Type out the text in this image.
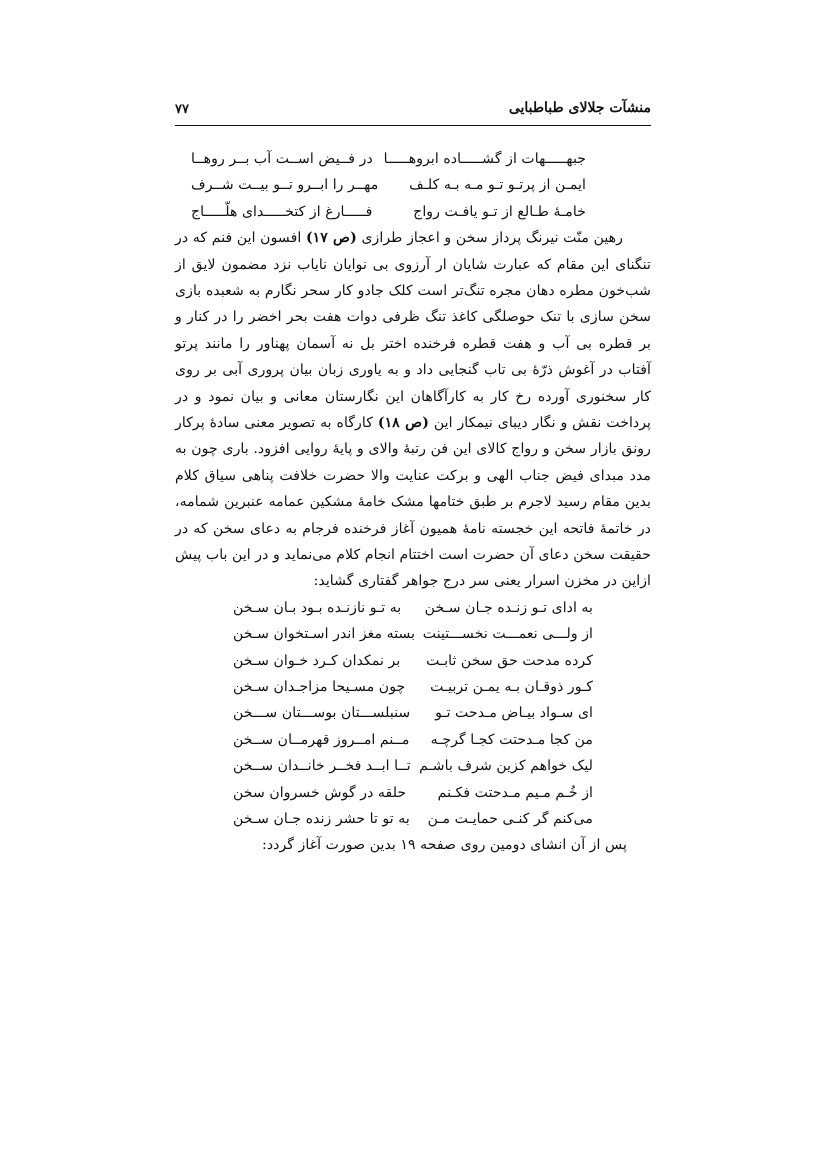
۷۷	منشآت جلالای طباطبایی
جبهـــــهات از گشـــــاده ابروهـــــا
در فــیض اســت آب بــر روهــا
ایمـن از پرتـو تـو مـه بـه کلـف
مهــر را ابــرو تــو بیــت شــرف
خامـهٔ طـالع از تـو یافـت رواج
فـــــارغ از کتخـــــدای هلّـــــاج

رهین منّت نیرنگ پرداز سخن و اعجاز طرازی (ص ۱۷) افسون این فنم که در تنگنای این مقام که عبارت شایان ار آرزوی بی نوایان نایاب نزد مضمون لایق از شب‌خون مطره دهان مجره تنگ‌تر است کلک جادو کار سحر نگارم به شعبده بازی سخن سازی با تنک حوصلگی کاغذ تنگ ظرفی دوات هفت بحر اخضر را در کنار و بر قطره بی آب و هفت قطره فرخنده اختر بل نه آسمان پهناور را مانند پرتو آفتاب در آغوش ذرّهٔ بی تاب گنجایی داد و به یاوری زبان بیان پروری آبی بر روی کار سخنوری آورده رخ کار به کارآگاهان این نگارستان معانی و بیان نمود و در پرداخت نقش و نگار دیبای نیمکار این (ص ۱۸) کارگاه به تصویر معنی سادهٔ پرکار رونق بازار سخن و رواج کالای این فن رتبهٔ والای و پایهٔ روایی افزود. باری چون به مدد مبدای فیض جناب الهی و برکت عنایت والا حضرت خلافت پناهی سیاق کلام بدین مقام رسید لاجرم بر طبق ختامها مشک خامهٔ مشکین عمامه عنبرین شمامه، در خاتمهٔ فاتحه این خجسته نامهٔ همیون آغاز فرخنده فرجام به دعای سخن که در حقیقت سخن دعای آن حضرت است اختتام انجام کلام می‌نماید و در این باب پیش ازاین در مخزن اسرار یعنی سر درج جواهر گفتاری گشاید:

به ادای تـو زنـده جـان سـخن
به تـو نازنـده بـود بـان سـخن
از ولـــی نعمـــت نخســـتینت
بسته مغز اندر اسـتخوان سـخن
کرده مدحت حق سخن ثابـت
بر نمکدان کـرد خـوان سـخن
کـور ذوقـان بـه یمـن تربیـت
چون مسـیحا مزاجـدان سـخن
ای سـواد بیـاض مـدحت تـو
سنبلســـتان بوســـتان ســـخن
من کجا مـدحتت کجـا گرچـه
مــنم امــروز قهرمــان ســخن
لیک خواهم کزین شرف باشـم
تــا ابــد فخــر خانــدان ســخن
از خُـم مـیم مـدحتت فکـنم
حلقه در گوش خسروان سخن
می‌کنم گر کنـی حمایـت مـن
به تو تا حشر زنده جـان سـخن

پس از آن انشای دومین روی صفحه ۱۹ بدین صورت آغاز گردد:
